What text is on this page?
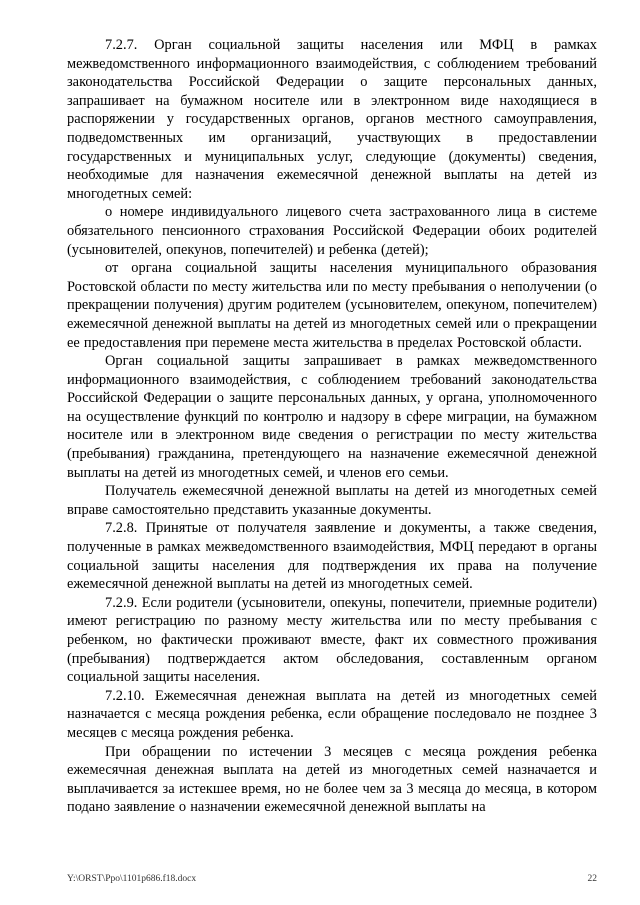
7.2.7. Орган социальной защиты населения или МФЦ в рамках межведомственного информационного взаимодействия, с соблюдением требований законодательства Российской Федерации о защите персональных данных, запрашивает на бумажном носителе или в электронном виде находящиеся в распоряжении у государственных органов, органов местного самоуправления, подведомственных им организаций, участвующих в предоставлении государственных и муниципальных услуг, следующие (документы) сведения, необходимые для назначения ежемесячной денежной выплаты на детей из многодетных семей:

о номере индивидуального лицевого счета застрахованного лица в системе обязательного пенсионного страхования Российской Федерации обоих родителей (усыновителей, опекунов, попечителей) и ребенка (детей);

от органа социальной защиты населения муниципального образования Ростовской области по месту жительства или по месту пребывания о неполучении (о прекращении получения) другим родителем (усыновителем, опекуном, попечителем) ежемесячной денежной выплаты на детей из многодетных семей или о прекращении ее предоставления при перемене места жительства в пределах Ростовской области.

Орган социальной защиты запрашивает в рамках межведомственного информационного взаимодействия, с соблюдением требований законодательства Российской Федерации о защите персональных данных, у органа, уполномоченного на осуществление функций по контролю и надзору в сфере миграции, на бумажном носителе или в электронном виде сведения о регистрации по месту жительства (пребывания) гражданина, претендующего на назначение ежемесячной денежной выплаты на детей из многодетных семей, и членов его семьи.

Получатель ежемесячной денежной выплаты на детей из многодетных семей вправе самостоятельно представить указанные документы.

7.2.8. Принятые от получателя заявление и документы, а также сведения, полученные в рамках межведомственного взаимодействия, МФЦ передают в органы социальной защиты населения для подтверждения их права на получение ежемесячной денежной выплаты на детей из многодетных семей.

7.2.9. Если родители (усыновители, опекуны, попечители, приемные родители) имеют регистрацию по разному месту жительства или по месту пребывания с ребенком, но фактически проживают вместе, факт их совместного проживания (пребывания) подтверждается актом обследования, составленным органом социальной защиты населения.

7.2.10. Ежемесячная денежная выплата на детей из многодетных семей назначается с месяца рождения ребенка, если обращение последовало не позднее 3 месяцев с месяца рождения ребенка.

При обращении по истечении 3 месяцев с месяца рождения ребенка ежемесячная денежная выплата на детей из многодетных семей назначается и выплачивается за истекшее время, но не более чем за 3 месяца до месяца, в котором подано заявление о назначении ежемесячной денежной выплаты на

Y:\ORST\Ppo\1101p686.f18.docx	22
